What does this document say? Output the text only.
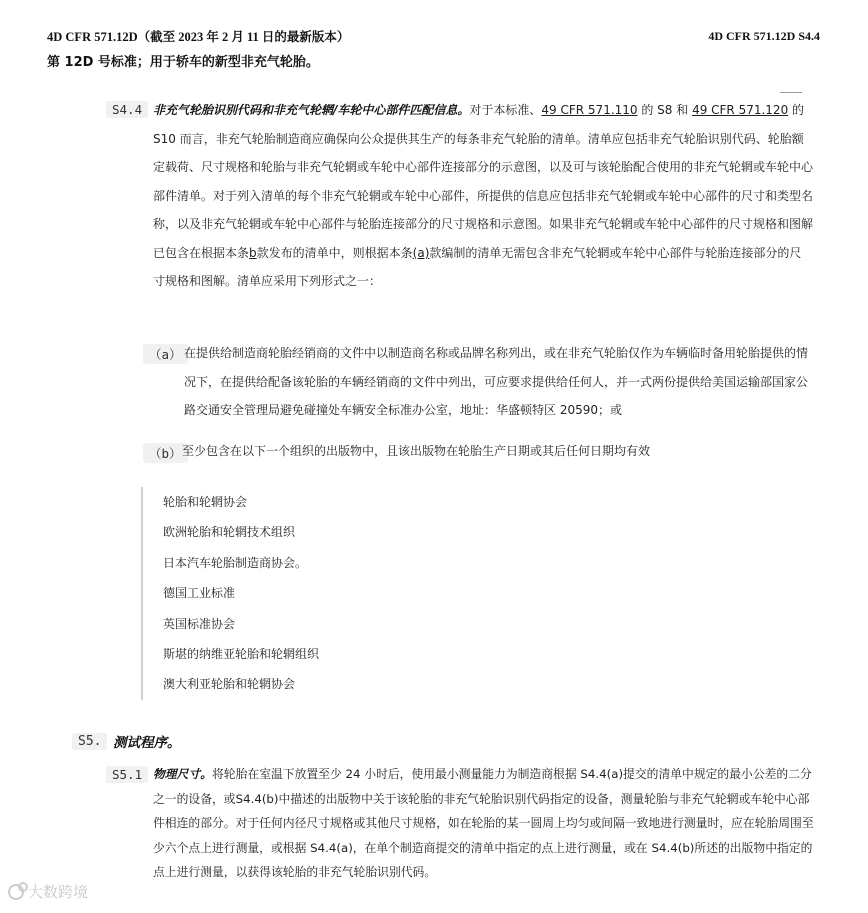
4D CFR 571.12D（截至 2023 年 2 月 11 日的最新版本）	4D CFR 571.12D S4.4
第 12D 号标准；用于轿车的新型非充气轮胎。
S4.4 非充气轮胎识别代码和非充气轮辋/车轮中心部件匹配信息。对于本标准、49 CFR 571.110 的 S8 和 49 CFR 571.120 的 S10 而言，非充气轮胎制造商应确保向公众提供其生产的每条非充气轮胎的清单。清单应包括非充气轮胎识别代码、轮胎额定载荷、尺寸规格和轮胎与非充气轮辋或车轮中心部件连接部分的示意图，以及可与该轮胎配合使用的非充气轮辋或车轮中心部件清单。对于列入清单的每个非充气轮辋或车轮中心部件，所提供的信息应包括非充气轮辋或车轮中心部件的尺寸和类型名称，以及非充气轮辋或车轮中心部件与轮胎连接部分的尺寸规格和示意图。如果非充气轮辋或车轮中心部件的尺寸规格和图解已包含在根据本条b款发布的清单中，则根据本条(a)款编制的清单无需包含非充气轮辋或车轮中心部件与轮胎连接部分的尺寸规格和图解。清单应采用下列形式之一：
（a） 在提供给制造商轮胎经销商的文件中以制造商名称或品牌名称列出，或在非充气轮胎仅作为车辆临时备用轮胎提供的情况下，在提供给配备该轮胎的车辆经销商的文件中列出，可应要求提供给任何人，并一式两份提供给美国运输部国家公路交通安全管理局避免碰撞处车辆安全标准办公室，地址：华盛顿特区 20590；或
（b） 至少包含在以下一个组织的出版物中，且该出版物在轮胎生产日期或其后任何日期均有效
轮胎和轮辋协会
欧洲轮胎和轮辋技术组织
日本汽车轮胎制造商协会。
德国工业标准
英国标准协会
斯堪的纳维亚轮胎和轮辋组织
澳大利亚轮胎和轮辋协会
S5. 测试程序。
S5.1 物理尺寸。将轮胎在室温下放置至少 24 小时后，使用最小测量能力为制造商根据 S4.4(a)提交的清单中规定的最小公差的二分之一的设备，或S4.4(b)中描述的出版物中关于该轮胎的非充气轮胎识别代码指定的设备，测量轮胎与非充气轮辋或车轮中心部件相连的部分。对于任何内径尺寸规格或其他尺寸规格，如在轮胎的某一圆周上均匀或间隔一致地进行测量时，应在轮胎周围至少六个点上进行测量，或根据 S4.4(a)，在单个制造商提交的清单中指定的点上进行测量，或在 S4.4(b)所述的出版物中指定的点上进行测量，以获得该轮胎的非充气轮胎识别代码。
大数跨境
